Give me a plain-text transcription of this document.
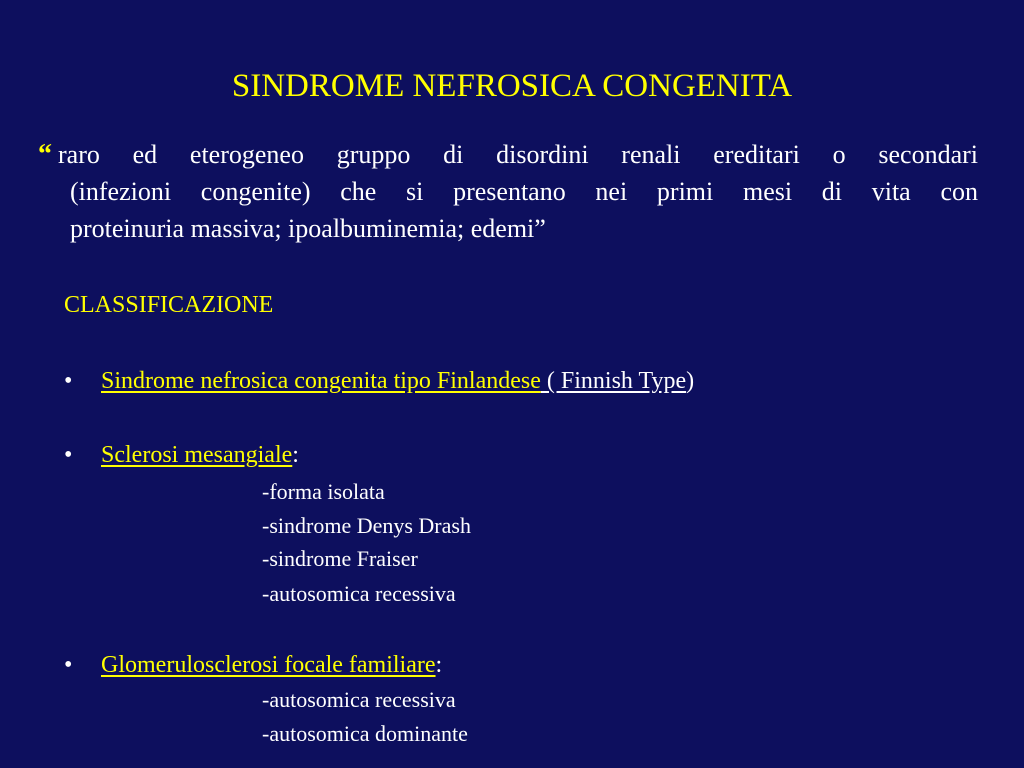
SINDROME NEFROSICA CONGENITA
“ raro ed eterogeneo gruppo di disordini renali ereditari o secondari
(infezioni congenite) che si presentano nei primi mesi di vita con
proteinuria massiva; ipoalbuminemia; edemi”
CLASSIFICAZIONE
• Sindrome nefrosica congenita tipo Finlandese ( Finnish Type)
• Sclerosi mesangiale:
-forma isolata
-sindrome Denys Drash
-sindrome Fraiser
-autosomica recessiva
• Glomerulosclerosi focale familiare:
-autosomica recessiva
-autosomica dominante
